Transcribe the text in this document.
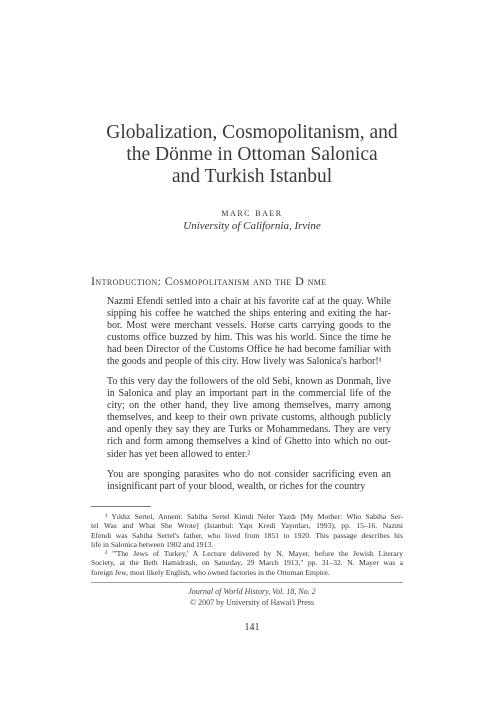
Globalization, Cosmopolitanism, and
the Dönme in Ottoman Salonica
and Turkish Istanbul
marc baer
University of California, Irvine
Introduction: Cosmopolitanism and the D nme
Nazmi Efendi settled into a chair at his favorite caf at the quay. While
sipping his coffee he watched the ships entering and exiting the har-
bor. Most were merchant vessels. Horse carts carrying goods to the
customs office buzzed by him. This was his world. Since the time he
had been Director of the Customs Office he had become familiar with
the goods and people of this city. How lively was Salonica's harbor!¹
To this very day the followers of the old Sebi, known as Donmah, live
in Salonica and play an important part in the commercial life of the
city; on the other hand, they live among themselves, marry among
themselves, and keep to their own private customs, although publicly
and openly they say they are Turks or Mohammedans. They are very
rich and form among themselves a kind of Ghetto into which no out-
sider has yet been allowed to enter.²
You are sponging parasites who do not consider sacrificing even an
insignificant part of your blood, wealth, or riches for the country
¹ Yıldız Sertel, Annem: Sabiha Sertel Kimdi Neler Yazdı [My Mother: Who Sabiha Ser-
tel Was and What She Wrote] (Istanbul: Yapı Kredi Yayınları, 1993), pp. 15–16. Nazmi
Efendi was Sabiha Sertel's father, who lived from 1851 to 1920. This passage describes his
life in Salonica between 1902 and 1913.
² "'The Jews of Turkey,' A Lecture delivered by N. Mayer, before the Jewish Literary
Society, at the Beth Hamidrash, on Saturday, 29 March 1913," pp. 31–32. N. Mayer was a
foreign Jew, most likely English, who owned factories in the Ottoman Empire.
Journal of World History, Vol. 18, No. 2
© 2007 by University of Hawai'i Press
141
